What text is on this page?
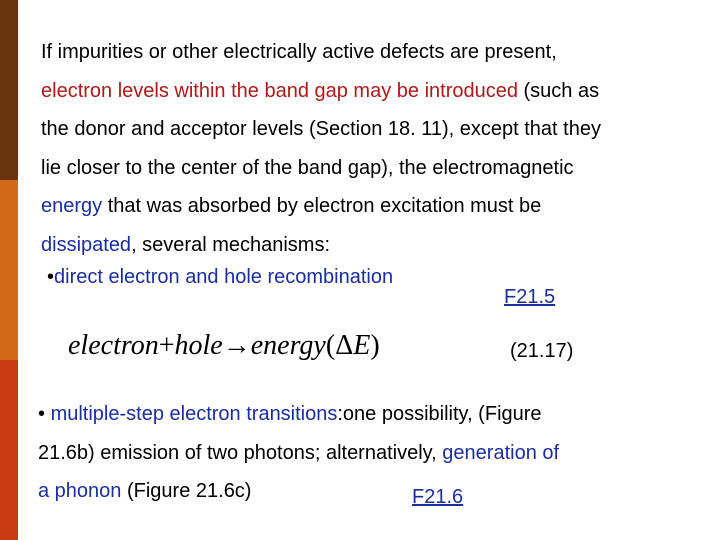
If impurities or other electrically active defects are present,
electron levels within the band gap may be introduced (such as
the donor and acceptor levels (Section 18. 11), except that they
lie closer to the center of the band gap), the electromagnetic
energy that was absorbed by electron excitation must be
dissipated, several mechanisms:

•direct electron and hole recombination
F21.5
electron+hole→energy(ΔE)	(21.17)

• multiple-step electron transitions:one possibility, (Figure
21.6b) emission of two photons; alternatively, generation of
a phonon (Figure 21.6c)	F21.6
